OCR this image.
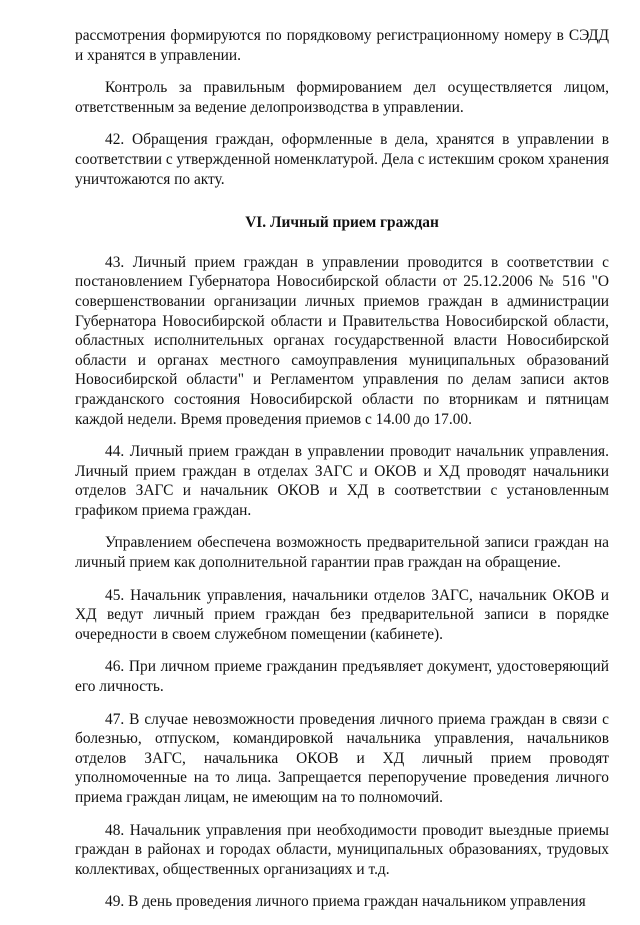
рассмотрения формируются по порядковому регистрационному номеру в СЭДД и хранятся в управлении.

Контроль за правильным формированием дел осуществляется лицом, ответственным за ведение делопроизводства в управлении.

42. Обращения граждан, оформленные в дела, хранятся в управлении в соответствии с утвержденной номенклатурой. Дела с истекшим сроком хранения уничтожаются по акту.

VI. Личный прием граждан

43. Личный прием граждан в управлении проводится в соответствии с постановлением Губернатора Новосибирской области от 25.12.2006 № 516 "О совершенствовании организации личных приемов граждан в администрации Губернатора Новосибирской области и Правительства Новосибирской области, областных исполнительных органах государственной власти Новосибирской области и органах местного самоуправления муниципальных образований Новосибирской области" и Регламентом управления по делам записи актов гражданского состояния Новосибирской области по вторникам и пятницам каждой недели. Время проведения приемов с 14.00 до 17.00.

44. Личный прием граждан в управлении проводит начальник управления. Личный прием граждан в отделах ЗАГС и ОКОВ и ХД проводят начальники отделов ЗАГС и начальник ОКОВ и ХД в соответствии с установленным графиком приема граждан.

Управлением обеспечена возможность предварительной записи граждан на личный прием как дополнительной гарантии прав граждан на обращение.

45. Начальник управления, начальники отделов ЗАГС, начальник ОКОВ и ХД ведут личный прием граждан без предварительной записи в порядке очередности в своем служебном помещении (кабинете).

46. При личном приеме гражданин предъявляет документ, удостоверяющий его личность.

47. В случае невозможности проведения личного приема граждан в связи с болезнью, отпуском, командировкой начальника управления, начальников отделов ЗАГС, начальника ОКОВ и ХД личный прием проводят уполномоченные на то лица. Запрещается перепоручение проведения личного приема граждан лицам, не имеющим на то полномочий.

48. Начальник управления при необходимости проводит выездные приемы граждан в районах и городах области, муниципальных образованиях, трудовых коллективах, общественных организациях и т.д.

49. В день проведения личного приема граждан начальником управления
